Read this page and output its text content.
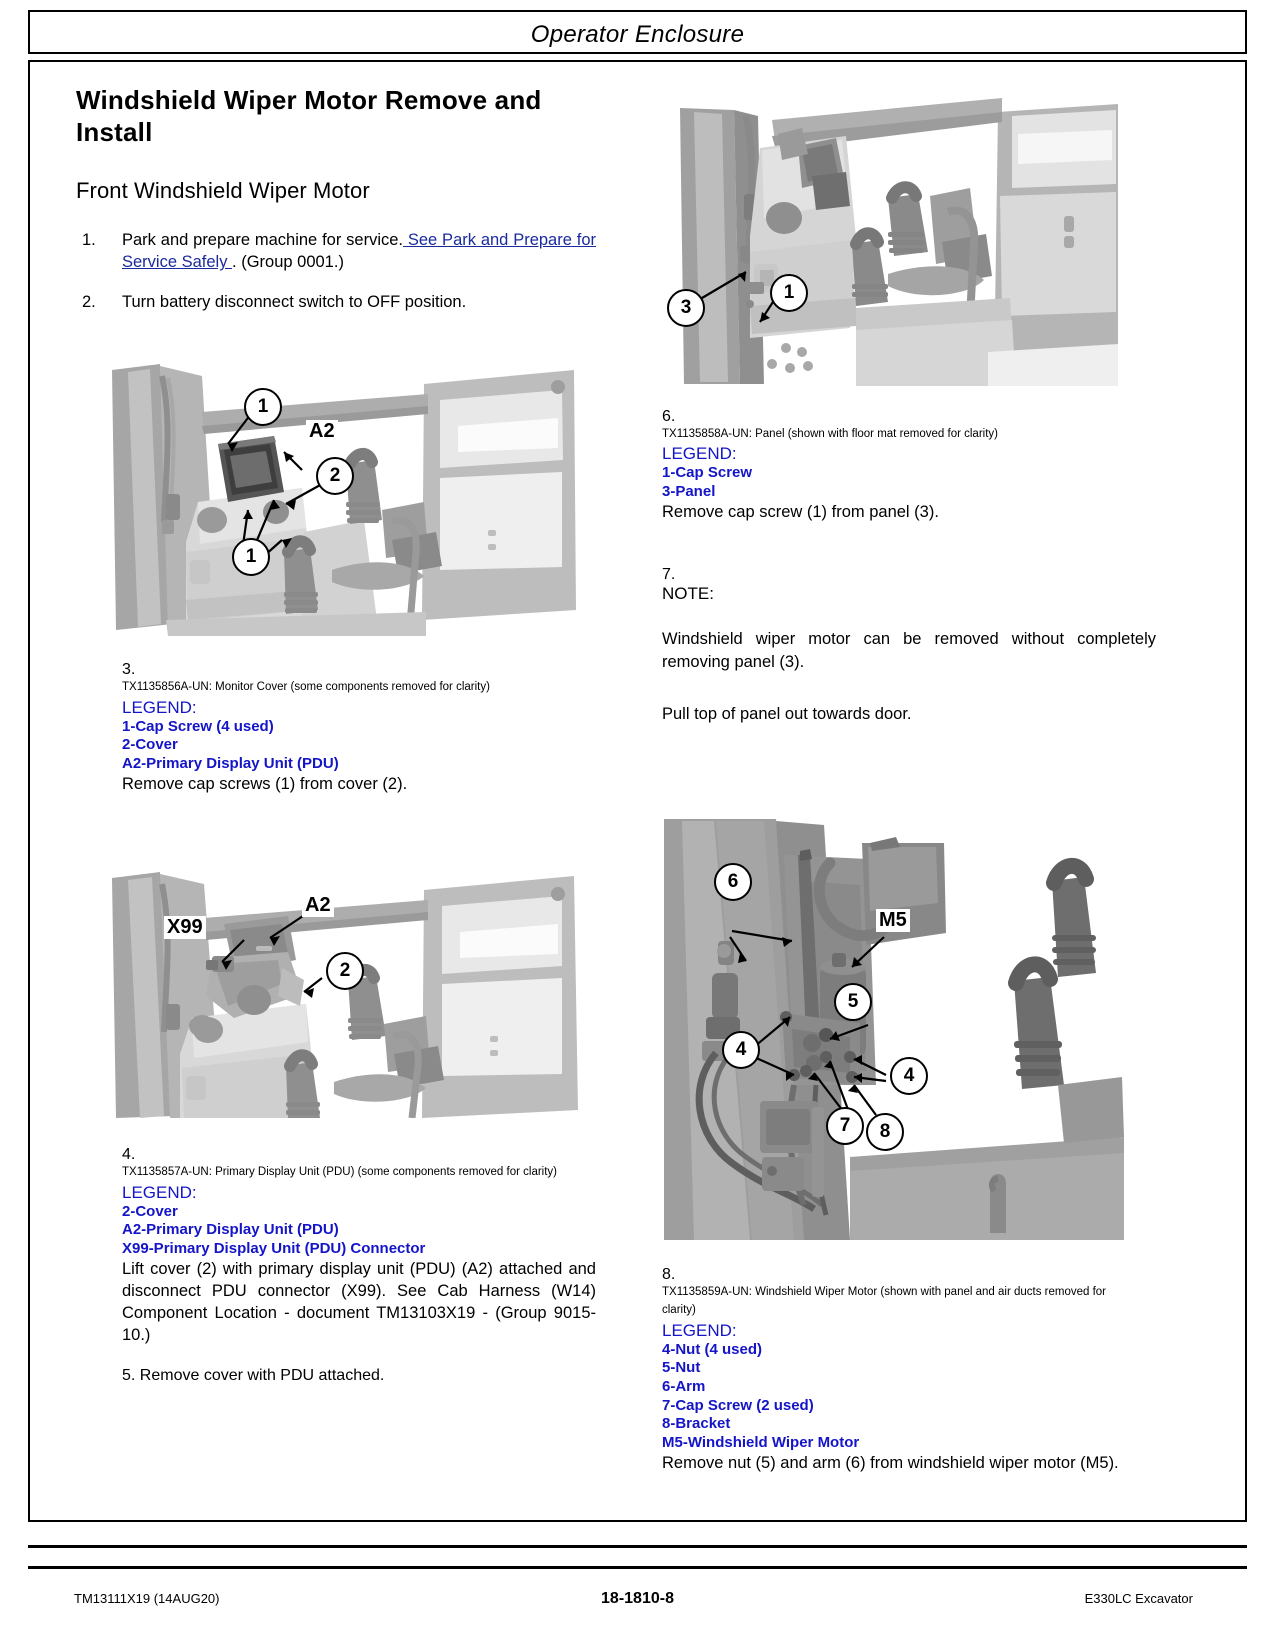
Operator Enclosure
Windshield Wiper Motor Remove and
Install
Front Windshield Wiper Motor
1.	Park and prepare machine for service. See Park and Prepare for Service Safely . (Group 0001.)
2.	Turn battery disconnect switch to OFF position.
1
A2
2
1
3.
TX1135856A-UN: Monitor Cover (some components removed for clarity)
LEGEND:
1-Cap Screw (4 used)
2-Cover
A2-Primary Display Unit (PDU)
Remove cap screws (1) from cover (2).
X99
A2
2
4.
TX1135857A-UN: Primary Display Unit (PDU) (some components removed for clarity)
LEGEND:
2-Cover
A2-Primary Display Unit (PDU)
X99-Primary Display Unit (PDU) Connector
Lift cover (2) with primary display unit (PDU) (A2) attached and disconnect PDU connector (X99). See Cab Harness (W14) Component Location - document TM13103X19 - (Group 9015-10.)
5. Remove cover with PDU attached.
3
1
6.
TX1135858A-UN: Panel (shown with floor mat removed for clarity)
LEGEND:
1-Cap Screw
3-Panel
Remove cap screw (1) from panel (3).
7.
NOTE:
Windshield wiper motor can be removed without completely removing panel (3).
Pull top of panel out towards door.
6
M5
5
4
4
7	8
8.
TX1135859A-UN: Windshield Wiper Motor (shown with panel and air ducts removed for
clarity)
LEGEND:
4-Nut (4 used)
5-Nut
6-Arm
7-Cap Screw (2 used)
8-Bracket
M5-Windshield Wiper Motor
Remove nut (5) and arm (6) from windshield wiper motor (M5).
TM13111X19 (14AUG20)	18-1810-8	E330LC Excavator
